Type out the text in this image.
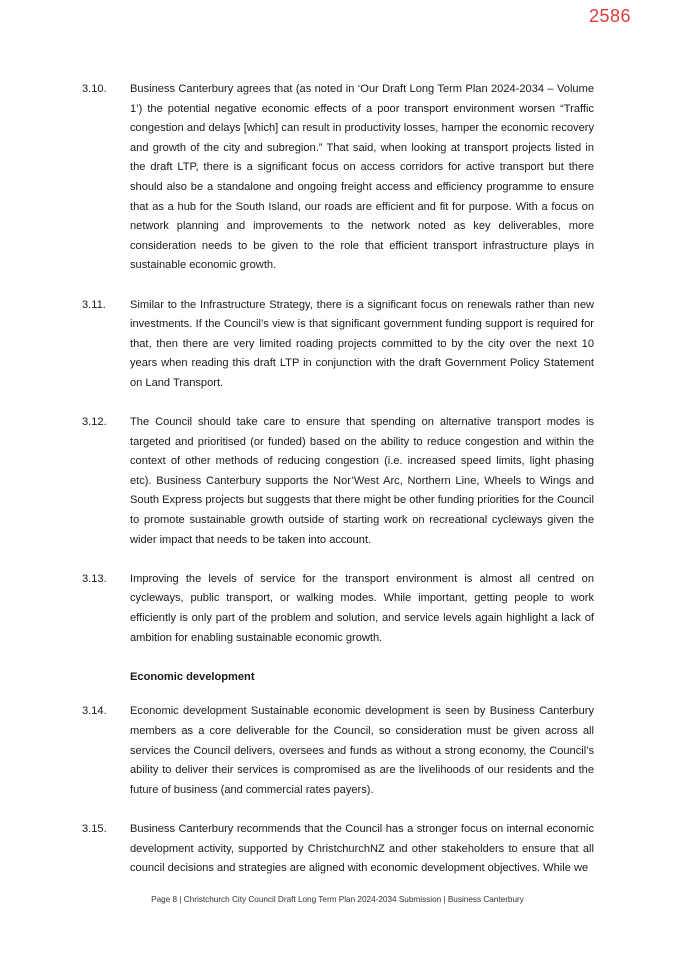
2586
3.10. Business Canterbury agrees that (as noted in ‘Our Draft Long Term Plan 2024-2034 – Volume 1’) the potential negative economic effects of a poor transport environment worsen “Traffic congestion and delays [which] can result in productivity losses, hamper the economic recovery and growth of the city and subregion.” That said, when looking at transport projects listed in the draft LTP, there is a significant focus on access corridors for active transport but there should also be a standalone and ongoing freight access and efficiency programme to ensure that as a hub for the South Island, our roads are efficient and fit for purpose. With a focus on network planning and improvements to the network noted as key deliverables, more consideration needs to be given to the role that efficient transport infrastructure plays in sustainable economic growth.
3.11. Similar to the Infrastructure Strategy, there is a significant focus on renewals rather than new investments. If the Council’s view is that significant government funding support is required for that, then there are very limited roading projects committed to by the city over the next 10 years when reading this draft LTP in conjunction with the draft Government Policy Statement on Land Transport.
3.12. The Council should take care to ensure that spending on alternative transport modes is targeted and prioritised (or funded) based on the ability to reduce congestion and within the context of other methods of reducing congestion (i.e. increased speed limits, light phasing etc). Business Canterbury supports the Nor’West Arc, Northern Line, Wheels to Wings and South Express projects but suggests that there might be other funding priorities for the Council to promote sustainable growth outside of starting work on recreational cycleways given the wider impact that needs to be taken into account.
3.13. Improving the levels of service for the transport environment is almost all centred on cycleways, public transport, or walking modes. While important, getting people to work efficiently is only part of the problem and solution, and service levels again highlight a lack of ambition for enabling sustainable economic growth.
Economic development
3.14. Economic development Sustainable economic development is seen by Business Canterbury members as a core deliverable for the Council, so consideration must be given across all services the Council delivers, oversees and funds as without a strong economy, the Council’s ability to deliver their services is compromised as are the livelihoods of our residents and the future of business (and commercial rates payers).
3.15. Business Canterbury recommends that the Council has a stronger focus on internal economic development activity, supported by ChristchurchNZ and other stakeholders to ensure that all council decisions and strategies are aligned with economic development objectives. While we
Page 8 | Christchurch City Council Draft Long Term Plan 2024-2034 Submission | Business Canterbury
